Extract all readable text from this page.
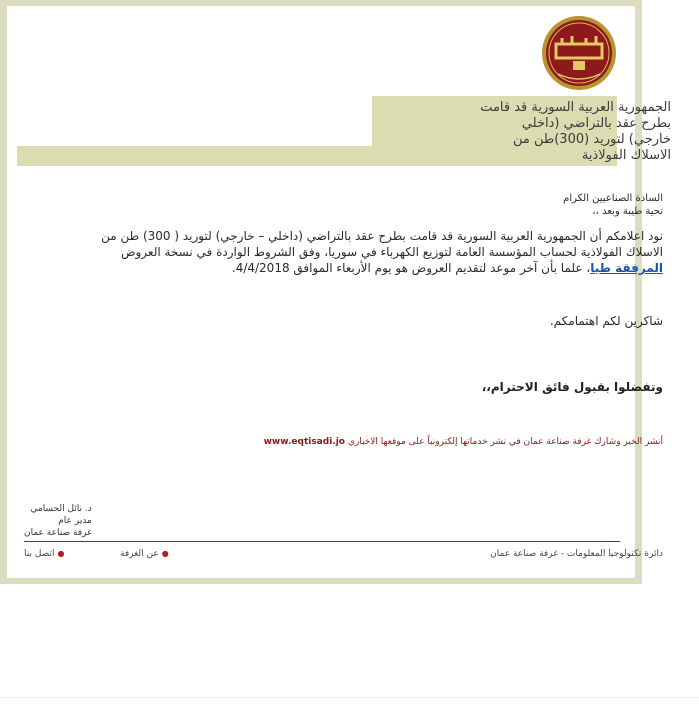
الجمهورية العربية السورية قد قامت
بطرح عقد بالتراضي (داخلي
خارجي) لتوريد (300)طن من
الاسلاك الفولاذية
السادة الصناعيين الكرام
تحية طيبة وبعد ،،
نود اعلامكم أن الجمهورية العربية السورية قد قامت بطرح عقد بالتراضي (داخلي – خارجي) لتوريد ( 300) طن من الاسلاك الفولاذية لحساب المؤسسة العامة لتوزيع الكهرباء في سوريا، وفق الشروط الواردة في نسخة العروض المرفقة طيا، علما بأن آخر موعد لتقديم العروض هو يوم الأربعاء الموافق 4/4/2018.
شاكرين لكم اهتمامكم.
وتفضلوا بقبول فائق الاحترام،،
أنشر الخبر وشارك غرفة صناعة عمان في نشر خدماتها إلكترونياً على موقعها الاخباري www.eqtisadi.jo
د. نائل الحسامي
مدير عام
غرفة صناعة عمان
دائرة تكنولوجيا المعلومات - غرفة صناعة عمان
●عن الغرفة
●اتصل بنا
